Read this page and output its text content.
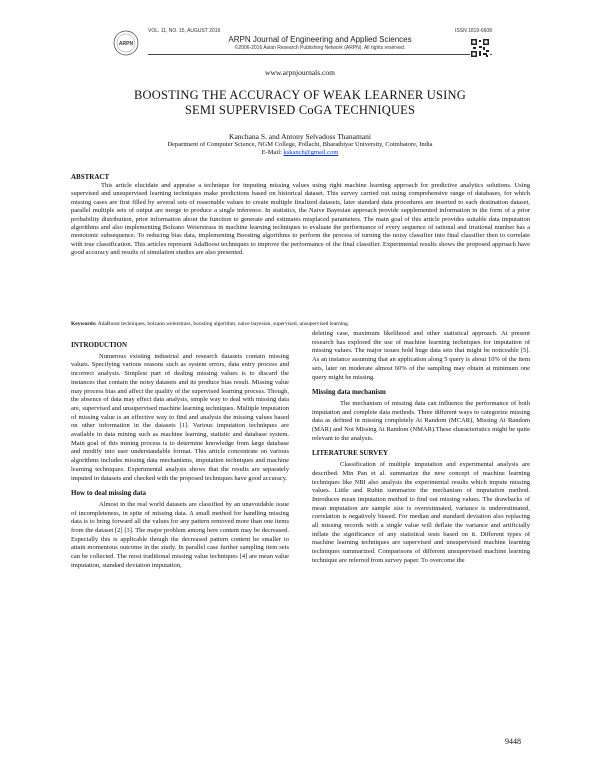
ARPN
VOL. 11, NO. 15, AUGUST 2016	ISSN 1819-6608
ARPN Journal of Engineering and Applied Sciences
©2006-2016 Asian Research Publishing Network (ARPN). All rights reserved.
www.arpnjournals.com
BOOSTING THE ACCURACY OF WEAK LEARNER USING
SEMI SUPERVISED CoGA TECHNIQUES
Kanchana S. and Antony Selvadoss Thanamani
Department of Computer Science, NGM College, Pollachi, Bharathiyar University, Coimbatore, India
E-Mail: kskanch@gmail.com
ABSTRACT

This article elucidate and appraise a technique for imputing missing values using right machine learning approach for predictive analytics solutions. Using supervised and unsupervised learning techniques make predictions based on historical dataset. This survey carried out using comprehensive range of databases, for which missing cases are first filled by several sets of reasonable values to create multiple finalized datasets, later standard data procedures are inserted to each destination dataset, parallel multiple sets of output are merge to produce a single inference. In statistics, the Naive Bayesian approach provide supplemented information in the form of a prior probability distribution, prior information about the function to generate and estimates misplaced parameters. The main goal of this article provides suitable data imputation algorithms and also implementing Bolzano Weierstrass in machine learning techniques to evaluate the performance of every sequence of rational and irrational number has a monotonic subsequence. To reducing bias data, implementing Boosting algorithms to perform the process of turning the noisy classifier into final classifier then to correlate with true classification. This articles represent AdaBoost techniques to improve the performance of the final classifier. Experimental results shows the proposed approach have good accuracy and results of simulation studies are also presented.

Keywords: AdaBoost techniques, bolzano weierstrass, boosting algorithm, naive bayesian, supervised, unsupervised learning.
INTRODUCTION

Numerous existing industrial and research datasets contain missing values. Specifying various reasons such as system errors, data entry process and incorrect analysis. Simplest part of dealing missing values is to discard the instances that contain the noisy datasets and its produce bias result. Missing value may process bias and affect the quality of the supervised learning process. Though, the absence of data may effect data analysis, simple way to deal with missing data are, supervised and unsupervised machine learning techniques. Multiple imputation of missing value is an effective way to find and analysis the missing values based on other information in the datasets [1]. Various imputation techniques are available in data mining such as machine learning, statistic and database system. Main goal of this mining process is to determine knowledge from large database and modify into user understandable format. This article concentrate on various algorithms includes missing data mechanisms, imputation techniques and machine learning techniques. Experimental analysis shows that the results are separately imputed in datasets and checked with the proposed techniques have good accuracy.

How to deal missing data

Almost in the real world datasets are classified by an unavoidable issue of incompleteness, in spite of missing data. A small method for handling missing data is to bring forward all the values for any pattern removed more than one items from the dataset [2] [3]. The major problem among here content may be decreased. Especially this is applicable though the decreased pattern content be smaller to attain momentous outcome in the study. In parallel case further sampling item sets can be collected. The most traditional missing value techniques [4] are mean value imputation, standard deviation imputation,

deleting case, maximum likelihood and other statistical approach. At present research has explored the use of machine learning techniques for imputation of missing values. The major issues hold huge data sets that might be noticeable [5]. As an instance assuming that an application along 5 query is about 10% of the item sets, later on moderate almost 60% of the sampling may obtain at minimum one query might be missing.

Missing data mechanism

The mechanism of missing data can influence the performance of both imputation and complete data methods. Three different ways to categorize missing data as defined in missing completely At Random (MCAR), Missing At Random (MAR) and Not Missing At Random (NMAR).These characteristics might be quite relevant to the analysis.

LITERATURE SURVEY

Classification of multiple imputation and experimental analysis are described. Min Pan et al. summarize the new concept of machine learning techniques like NBI also analysis the experimental results which impute missing values. Little and Rubin summarize the mechanism of imputation method. Introduces mean imputation method to find out missing values. The drawbacks of mean imputation are sample size is overestimated, variance is underestimated, correlation is negatively biased. For median and standard deviation also replacing all missing records with a single value will deflate the variance and artificially inflate the significance of any statistical tests based on it. Different types of machine learning techniques are supervised and unsupervised machine learning techniques summarized. Comparisons of different unsupervised machine learning technique are referred from survey paper. To overcome the

9448
